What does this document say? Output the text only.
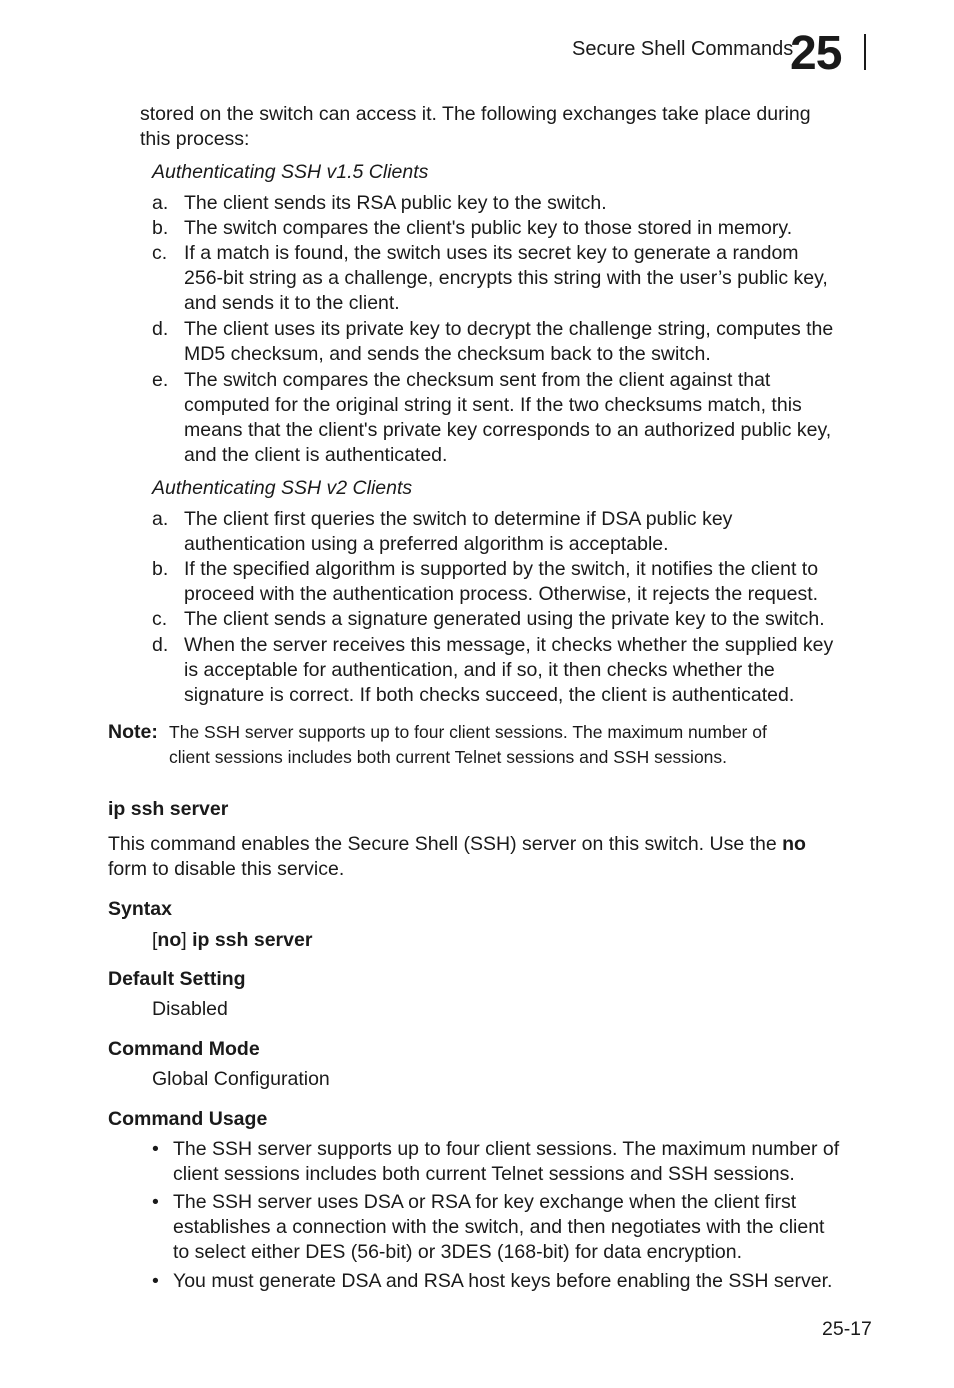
Secure Shell Commands
25
stored on the switch can access it. The following exchanges take place during
this process:
Authenticating SSH v1.5 Clients
a. The client sends its RSA public key to the switch.
b. The switch compares the client's public key to those stored in memory.
c. If a match is found, the switch uses its secret key to generate a random
256-bit string as a challenge, encrypts this string with the user’s public key,
and sends it to the client.
d. The client uses its private key to decrypt the challenge string, computes the
MD5 checksum, and sends the checksum back to the switch.
e. The switch compares the checksum sent from the client against that
computed for the original string it sent. If the two checksums match, this
means that the client's private key corresponds to an authorized public key,
and the client is authenticated.
Authenticating SSH v2 Clients
a. The client first queries the switch to determine if DSA public key
authentication using a preferred algorithm is acceptable.
b. If the specified algorithm is supported by the switch, it notifies the client to
proceed with the authentication process. Otherwise, it rejects the request.
c. The client sends a signature generated using the private key to the switch.
d. When the server receives this message, it checks whether the supplied key
is acceptable for authentication, and if so, it then checks whether the
signature is correct. If both checks succeed, the client is authenticated.
Note: The SSH server supports up to four client sessions. The maximum number of
client sessions includes both current Telnet sessions and SSH sessions.
ip ssh server
This command enables the Secure Shell (SSH) server on this switch. Use the no
form to disable this service.
Syntax
[no] ip ssh server
Default Setting
Disabled
Command Mode
Global Configuration
Command Usage
• The SSH server supports up to four client sessions. The maximum number of
client sessions includes both current Telnet sessions and SSH sessions.
• The SSH server uses DSA or RSA for key exchange when the client first
establishes a connection with the switch, and then negotiates with the client
to select either DES (56-bit) or 3DES (168-bit) for data encryption.
• You must generate DSA and RSA host keys before enabling the SSH server.
25-17
